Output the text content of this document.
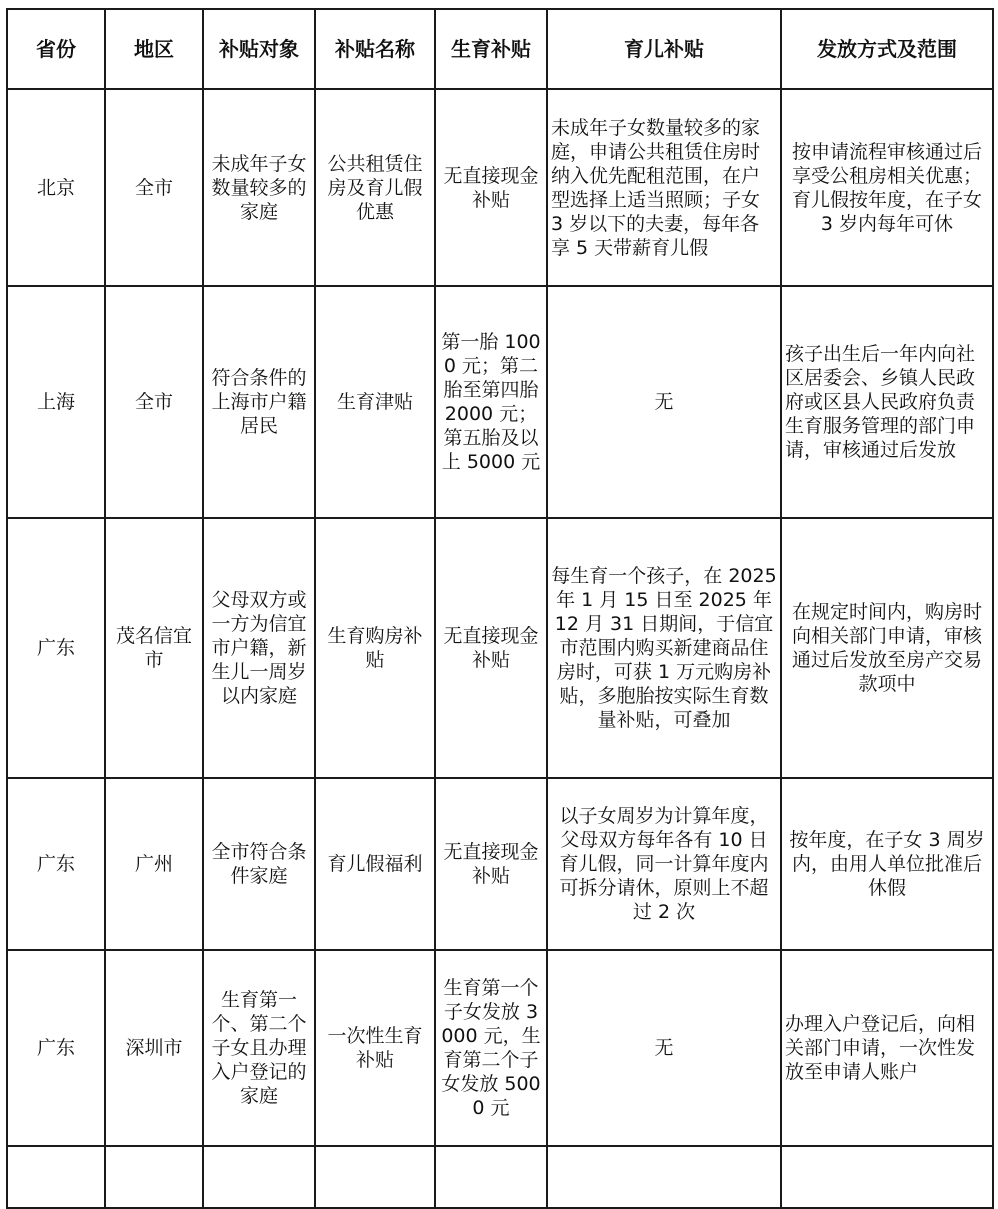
省份	地区	补贴对象	补贴名称	生育补贴	育儿补贴	发放方式及范围
北京	全市	未成年子女数量较多的家庭	公共租赁住房及育儿假优惠	无直接现金补贴	未成年子女数量较多的家庭，申请公共租赁住房时纳入优先配租范围，在户型选择上适当照顾；子女 3 岁以下的夫妻，每年各享 5 天带薪育儿假	按申请流程审核通过后享受公租房相关优惠；育儿假按年度，在子女 3 岁内每年可休
上海	全市	符合条件的上海市户籍居民	生育津贴	第一胎 1000 元；第二胎至第四胎 2000 元；第五胎及以上 5000 元	无	孩子出生后一年内向社区居委会、乡镇人民政府或区县人民政府负责生育服务管理的部门申请，审核通过后发放
广东	茂名信宜市	父母双方或一方为信宜市户籍，新生儿一周岁以内家庭	生育购房补贴	无直接现金补贴	每生育一个孩子，在 2025 年 1 月 15 日至 2025 年 12 月 31 日期间，于信宜市范围内购买新建商品住房时，可获 1 万元购房补贴，多胞胎按实际生育数量补贴，可叠加	在规定时间内，购房时向相关部门申请，审核通过后发放至房产交易款项中
广东	广州	全市符合条件家庭	育儿假福利	无直接现金补贴	以子女周岁为计算年度，父母双方每年各有 10 日育儿假，同一计算年度内可拆分请休，原则上不超过 2 次	按年度，在子女 3 周岁内，由用人单位批准后休假
广东	深圳市	生育第一个、第二个子女且办理入户登记的家庭	一次性生育补贴	生育第一个子女发放 3000 元，生育第二个子女发放 5000 元	无	办理入户登记后，向相关部门申请，一次性发放至申请人账户
